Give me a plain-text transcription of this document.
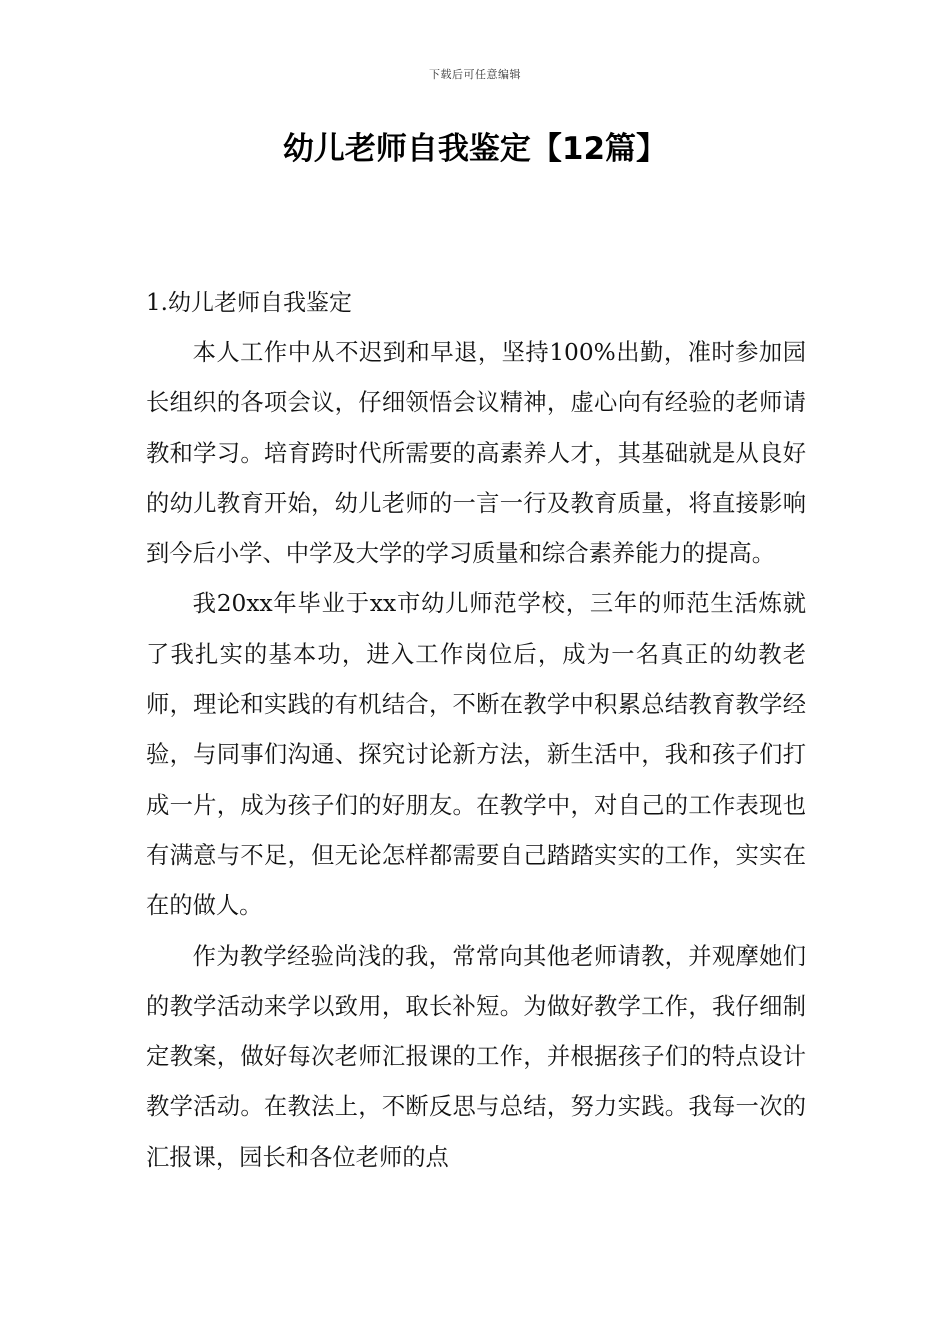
下载后可任意编辑
幼儿老师自我鉴定【12篇】

1.幼儿老师自我鉴定

本人工作中从不迟到和早退，坚持100%出勤，准时参加园长组织的各项会议，仔细领悟会议精神，虚心向有经验的老师请教和学习。培育跨时代所需要的高素养人才，其基础就是从良好的幼儿教育开始，幼儿老师的一言一行及教育质量，将直接影响到今后小学、中学及大学的学习质量和综合素养能力的提高。

我20xx年毕业于xx市幼儿师范学校，三年的师范生活炼就了我扎实的基本功，进入工作岗位后，成为一名真正的幼教老师，理论和实践的有机结合，不断在教学中积累总结教育教学经验，与同事们沟通、探究讨论新方法，新生活中，我和孩子们打成一片，成为孩子们的好朋友。在教学中，对自己的工作表现也有满意与不足，但无论怎样都需要自己踏踏实实的工作，实实在在的做人。

作为教学经验尚浅的我，常常向其他老师请教，并观摩她们的教学活动来学以致用，取长补短。为做好教学工作，我仔细制定教案，做好每次老师汇报课的工作，并根据孩子们的特点设计教学活动。在教法上，不断反思与总结，努力实践。我每一次的汇报课，园长和各位老师的点
